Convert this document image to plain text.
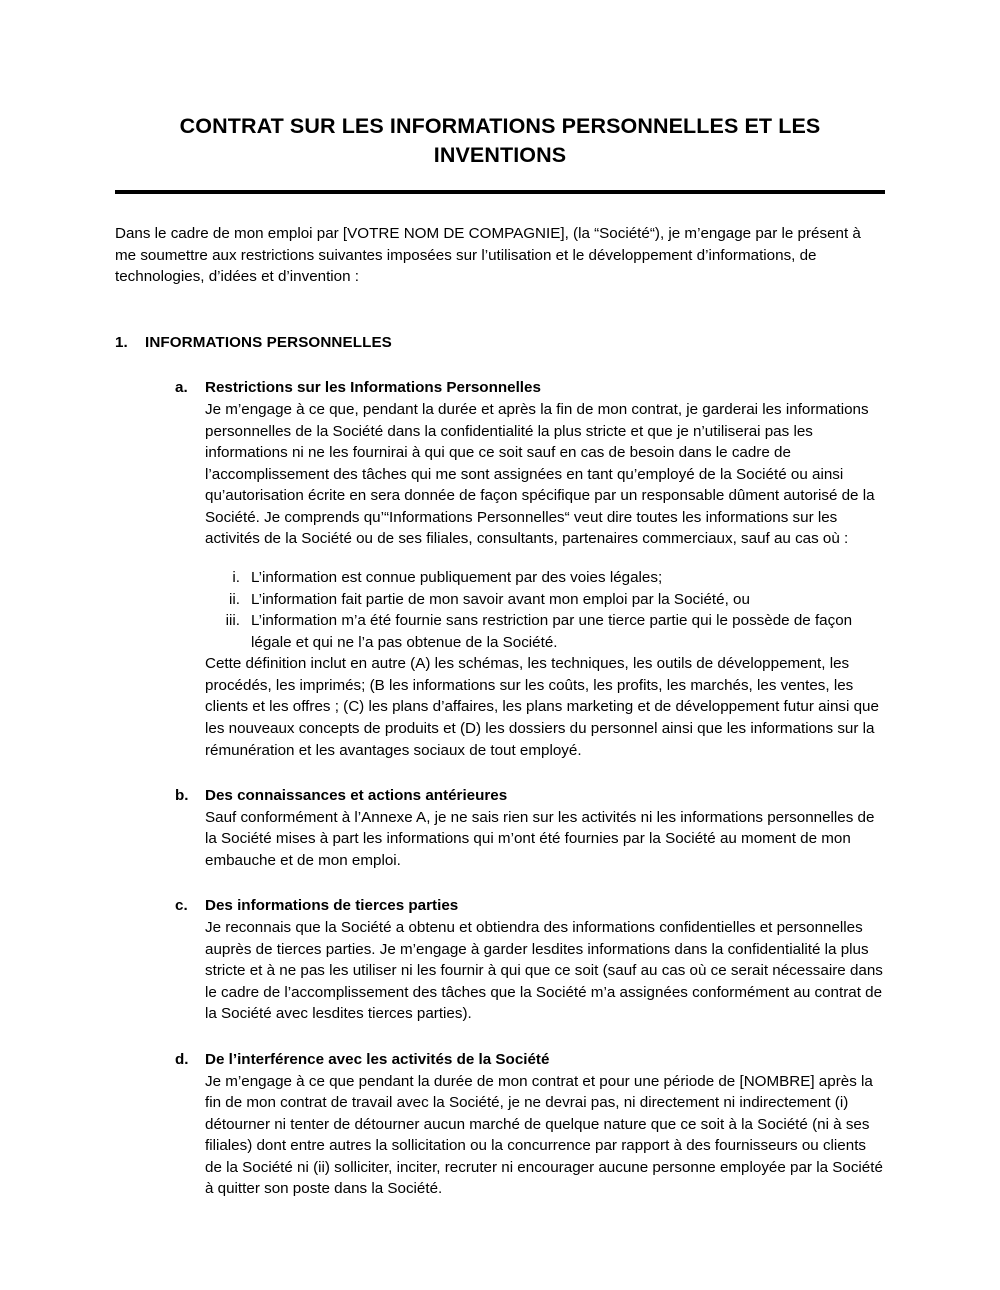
CONTRAT SUR LES INFORMATIONS PERSONNELLES ET LES INVENTIONS

Dans le cadre de mon emploi par [VOTRE NOM DE COMPAGNIE], (la “Société“), je m’engage par le présent à me soumettre aux restrictions suivantes imposées sur l’utilisation et le développement d’informations, de technologies, d’idées et d’invention :

1.	INFORMATIONS PERSONNELLES
a.	Restrictions sur les Informations Personnelles

Je m’engage à ce que, pendant la durée et après la fin de mon contrat, je garderai les informations personnelles de la Société dans la confidentialité la plus stricte et que je n’utiliserai pas les informations ni ne les fournirai à qui que ce soit sauf en cas de besoin dans le cadre de l’accomplissement des tâches qui me sont assignées en tant qu’employé de la Société ou ainsi qu’autorisation écrite en sera donnée de façon spécifique par un responsable dûment autorisé de la Société. Je comprends qu’“Informations Personnelles“ veut dire toutes les informations sur les activités de la Société ou de ses filiales, consultants, partenaires commerciaux, sauf au cas où :

i. L’information est connue publiquement par des voies légales;
ii. L’information fait partie de mon savoir avant mon emploi par la Société, ou
iii. L’information m’a été fournie sans restriction par une tierce partie qui le possède de façon légale et qui ne l’a pas obtenue de la Société.

Cette définition inclut en autre (A) les schémas, les techniques, les outils de développement, les procédés, les imprimés; (B les informations sur les coûts, les profits, les marchés, les ventes, les clients et les offres ; (C) les plans d’affaires, les plans marketing et de développement futur ainsi que les nouveaux concepts de produits et (D) les dossiers du personnel ainsi que les informations sur la rémunération et les avantages sociaux de tout employé.

b.	Des connaissances et actions antérieures

Sauf conformément à l’Annexe A, je ne sais rien sur les activités ni les informations personnelles de la Société mises à part les informations qui m’ont été fournies par la Société au moment de mon embauche et de mon emploi.

c.	Des informations de tierces parties

Je reconnais que la Société a obtenu et obtiendra des informations confidentielles et personnelles auprès de tierces parties. Je m’engage à garder lesdites informations dans la confidentialité la plus stricte et à ne pas les utiliser ni les fournir à qui que ce soit (sauf au cas où ce serait nécessaire dans le cadre de l’accomplissement des tâches que la Société m’a assignées conformément au contrat de la Société avec lesdites tierces parties).

d.	De l’interférence avec les activités de la Société

Je m’engage à ce que pendant la durée de mon contrat et pour une période de [NOMBRE] après la fin de mon contrat de travail avec la Société, je ne devrai pas, ni directement ni indirectement (i) détourner ni tenter de détourner aucun marché de quelque nature que ce soit à la Société (ni à ses filiales) dont entre autres la sollicitation ou la concurrence par rapport à des fournisseurs ou clients de la Société ni (ii) solliciter, inciter, recruter ni encourager aucune personne employée par la Société à quitter son poste dans la Société.
